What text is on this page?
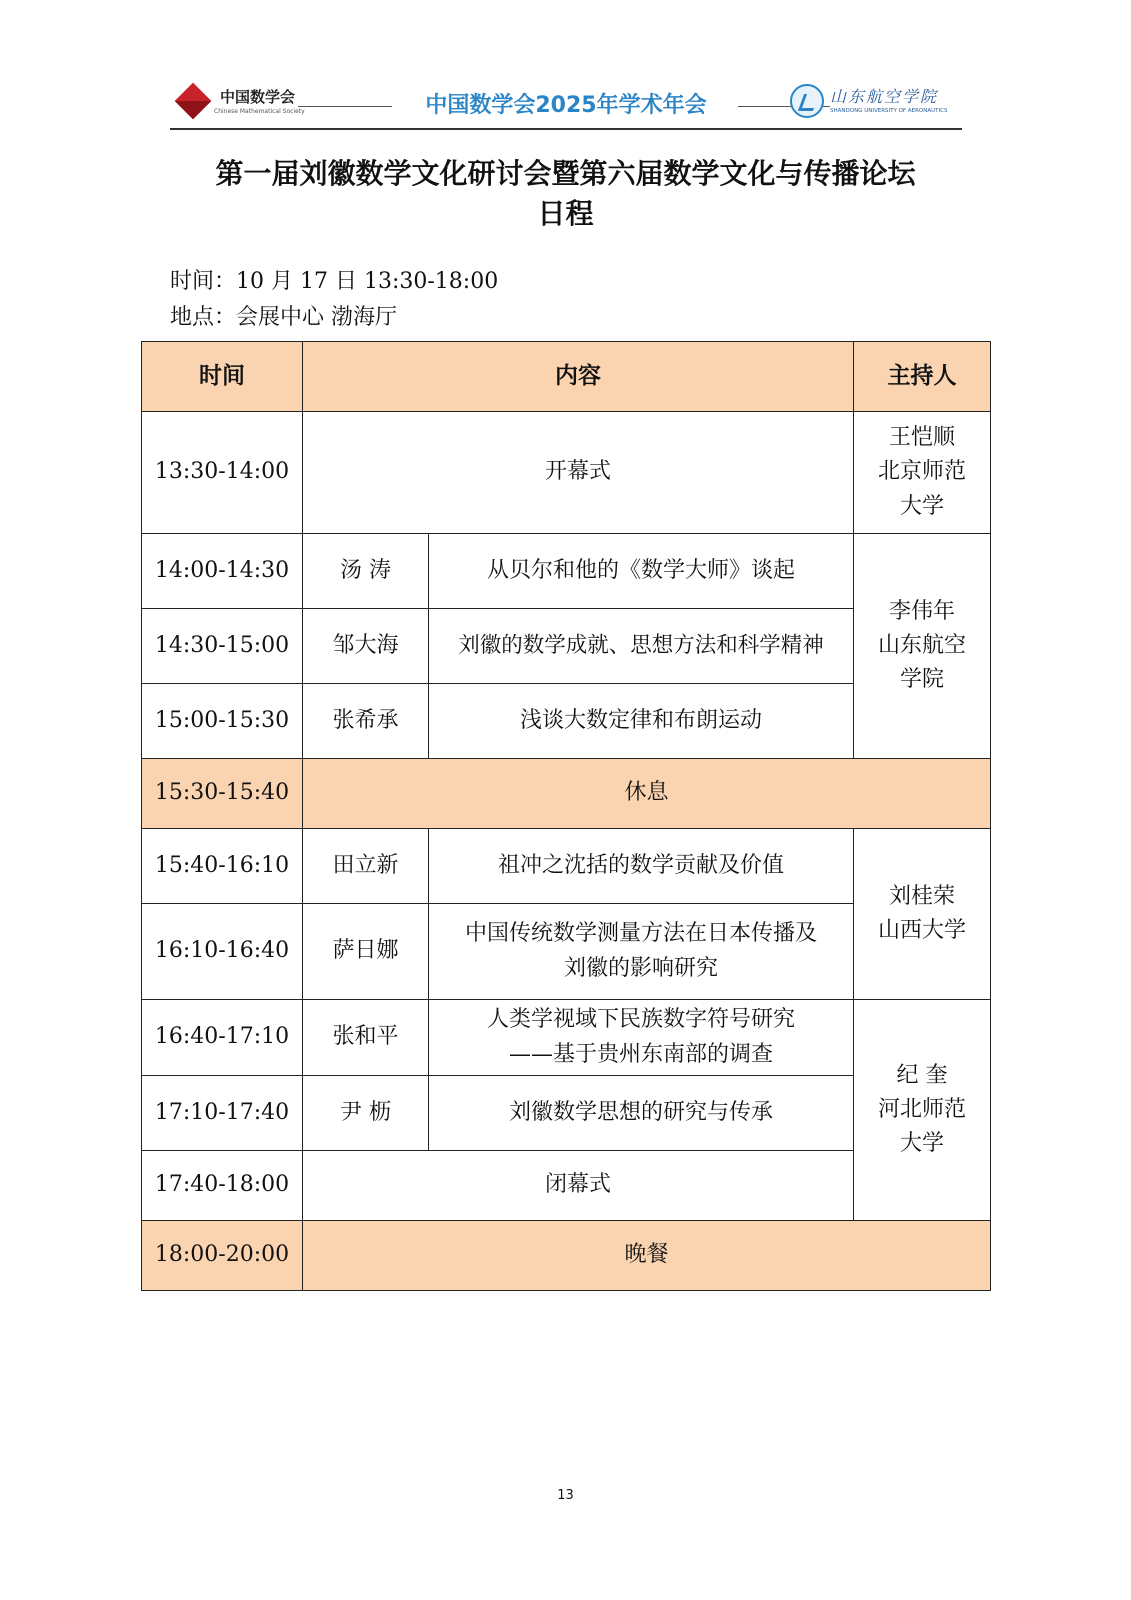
中国数学会
Chinese Mathematical Society	中国数学会2025年学术年会	山东航空学院
SHANDONG UNIVERSITY OF AERONAUTICS
第一届刘徽数学文化研讨会暨第六届数学文化与传播论坛
日程
时间：10 月 17 日 13:30-18:00
地点：会展中心 渤海厅
时间	内容		主持人
13:30-14:00	开幕式		王恺顺
北京师范
大学

14:00-14:30	汤 涛	从贝尔和他的《数学大师》谈起	李伟年
山东航空
学院

14:30-15:00	邹大海	刘徽的数学成就、思想方法和科学精神	
15:00-15:30	张希承	浅谈大数定律和布朗运动	
15:30-15:40	休息		
15:40-16:10	田立新	祖冲之沈括的数学贡献及价值	刘桂荣
山西大学

16:10-16:40	萨日娜	中国传统数学测量方法在日本传播及
刘徽的影响研究	

16:40-17:10	张和平	人类学视域下民族数字符号研究
——基于贵州东南部的调查	纪 奎
河北师范
大学

17:10-17:40	尹 枥	刘徽数学思想的研究与传承	
17:40-18:00	闭幕式		
18:00-20:00	晚餐		
13
